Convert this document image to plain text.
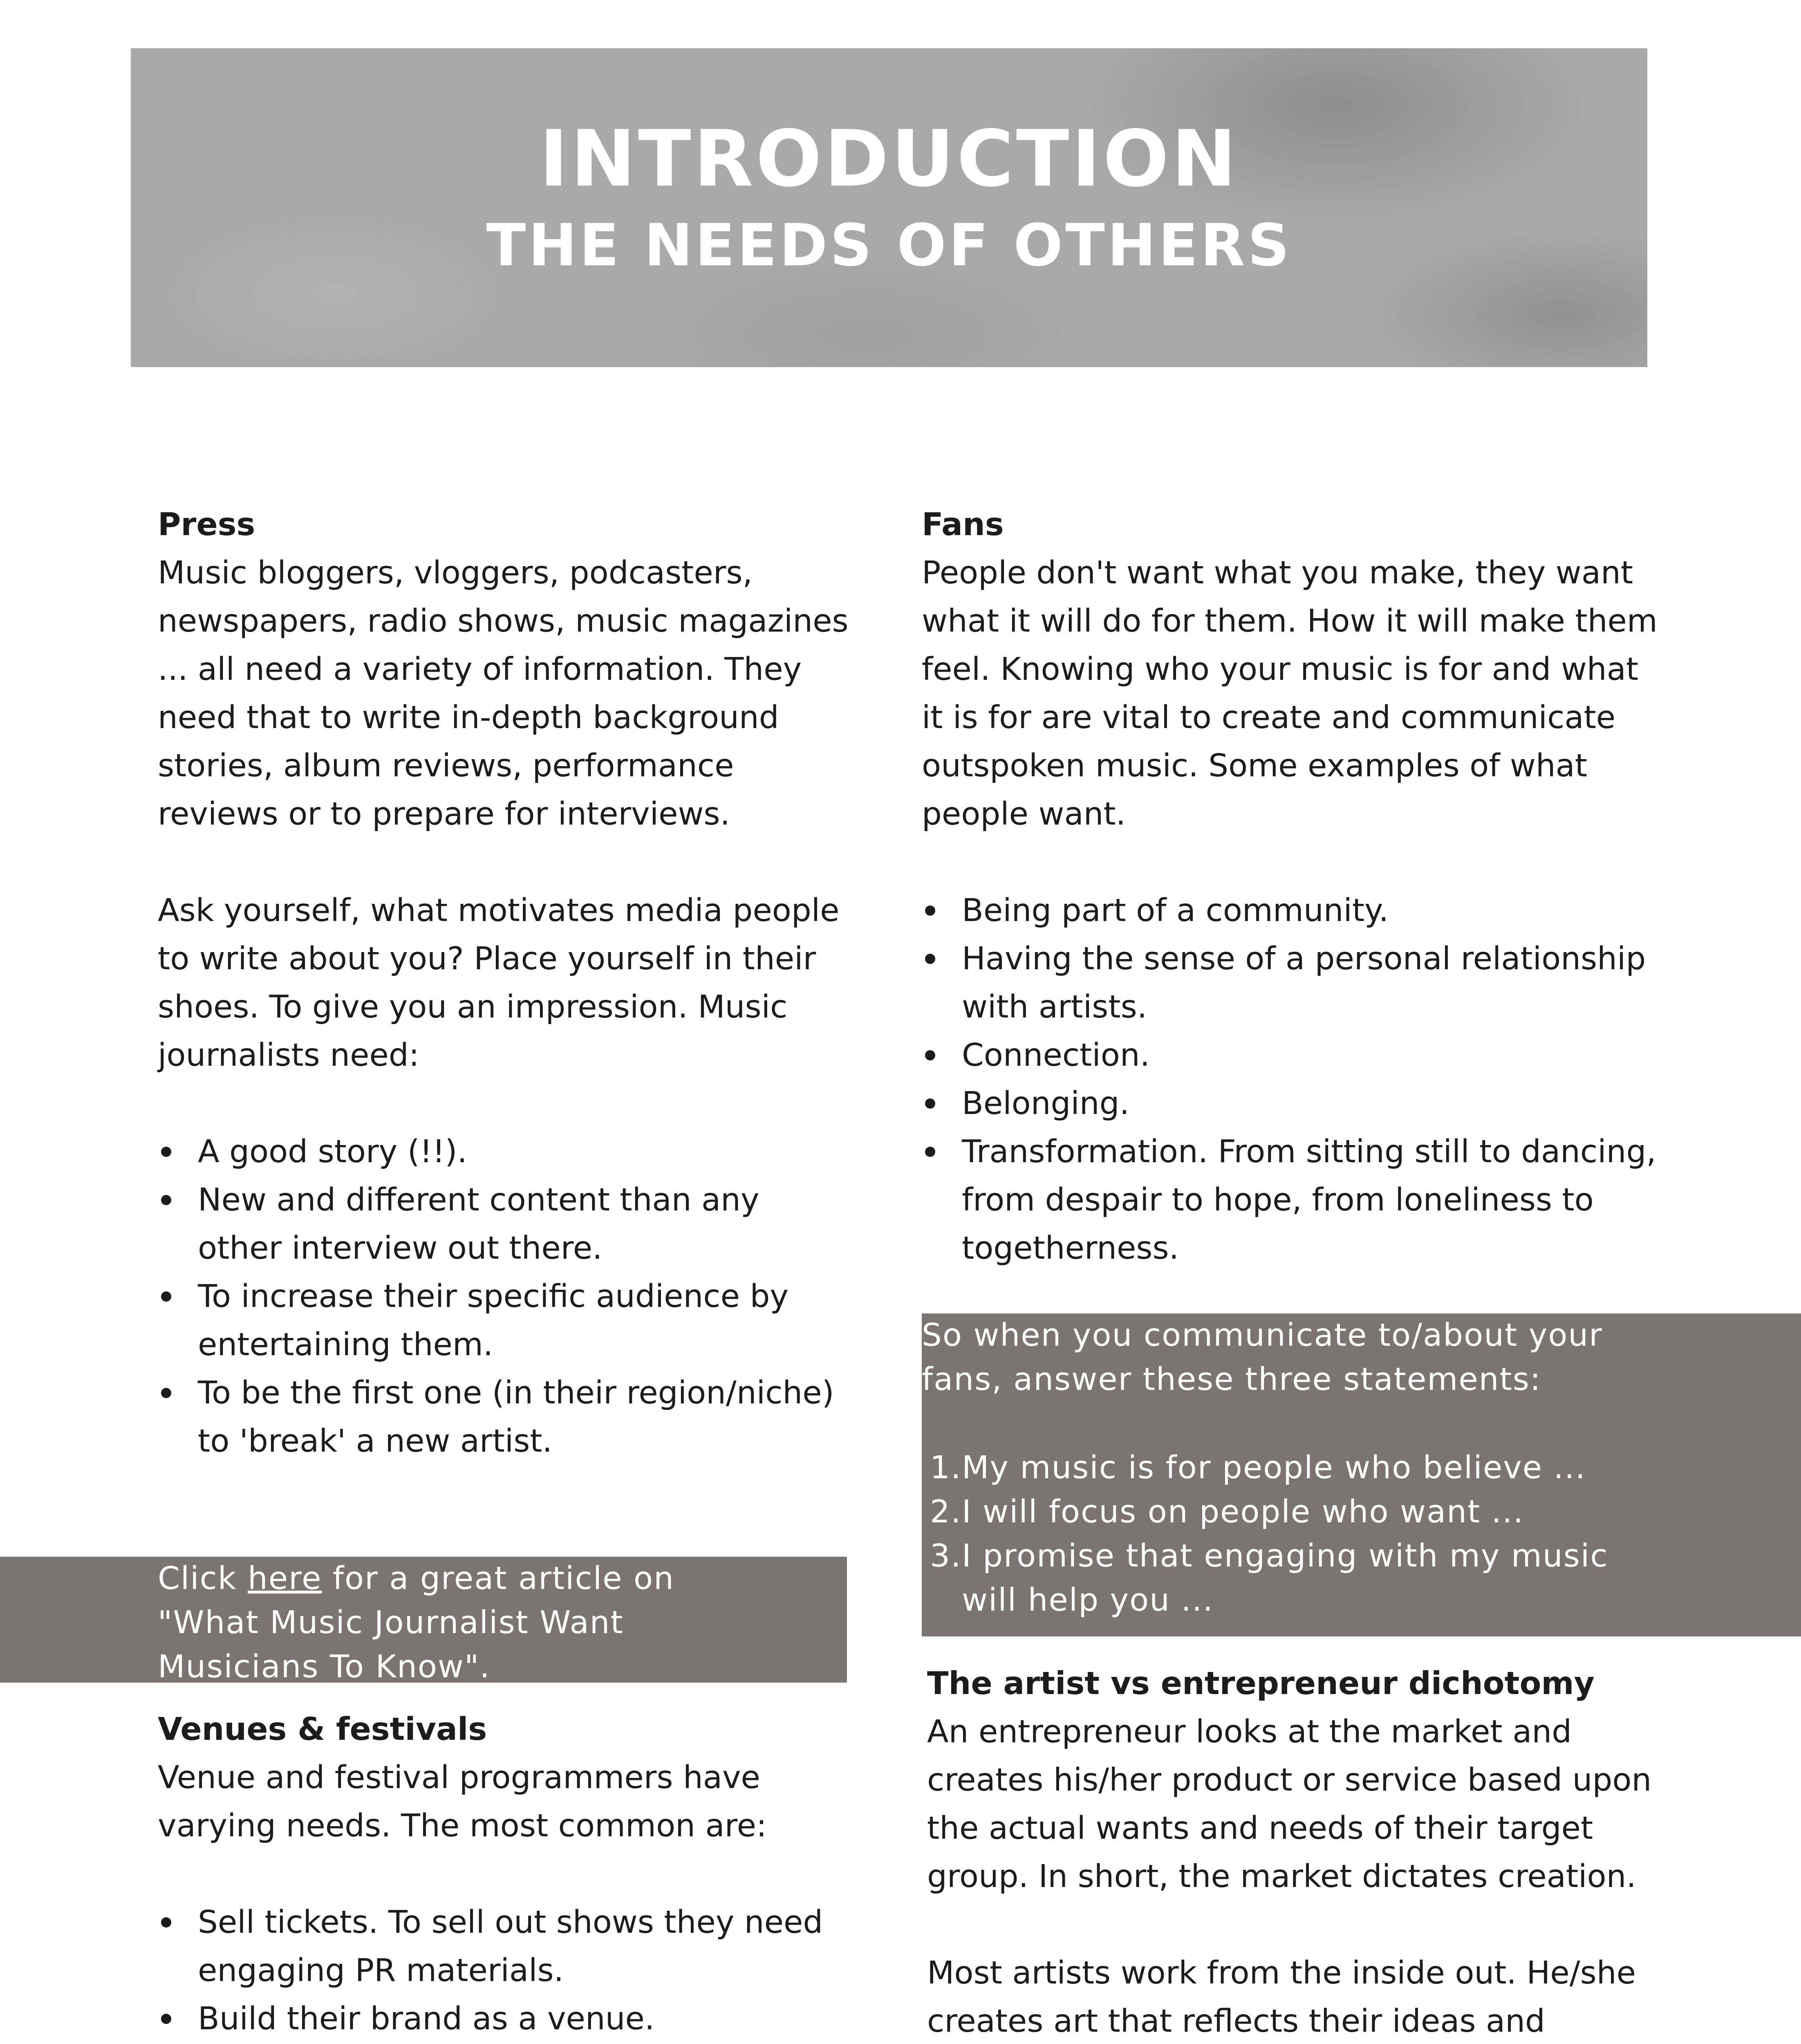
INTRODUCTION
THE NEEDS OF OTHERS

Press

Music bloggers, vloggers, podcasters, newspapers, radio shows, music magazines ... all need a variety of information. They need that to write in-depth background stories, album reviews, performance reviews or to prepare for interviews.

Ask yourself, what motivates media people to write about you? Place yourself in their shoes. To give you an impression. Music journalists need:

A good story (!!).
New and different content than any other interview out there.
To increase their specific audience by entertaining them.
To be the first one (in their region/niche) to 'break' a new artist.

Click here for a great article on "What Music Journalist Want Musicians To Know".

Venues & festivals

Venue and festival programmers have varying needs. The most common are:

Sell tickets. To sell out shows they need engaging PR materials.
Build their brand as a venue.

Fans

People don't want what you make, they want what it will do for them. How it will make them feel. Knowing who your music is for and what it is for are vital to create and communicate outspoken music. Some examples of what people want.

Being part of a community.
Having the sense of a personal relationship with artists.
Connection.
Belonging.
Transformation. From sitting still to dancing, from despair to hope, from loneliness to togetherness.

So when you communicate to/about your fans, answer these three statements:

1. My music is for people who believe ...
2. I will focus on people who want ...
3. I promise that engaging with my music will help you ...

The artist vs entrepreneur dichotomy

An entrepreneur looks at the market and creates his/her product or service based upon the actual wants and needs of their target group. In short, the market dictates creation.

Most artists work from the inside out. He/she creates art that reflects their ideas and
